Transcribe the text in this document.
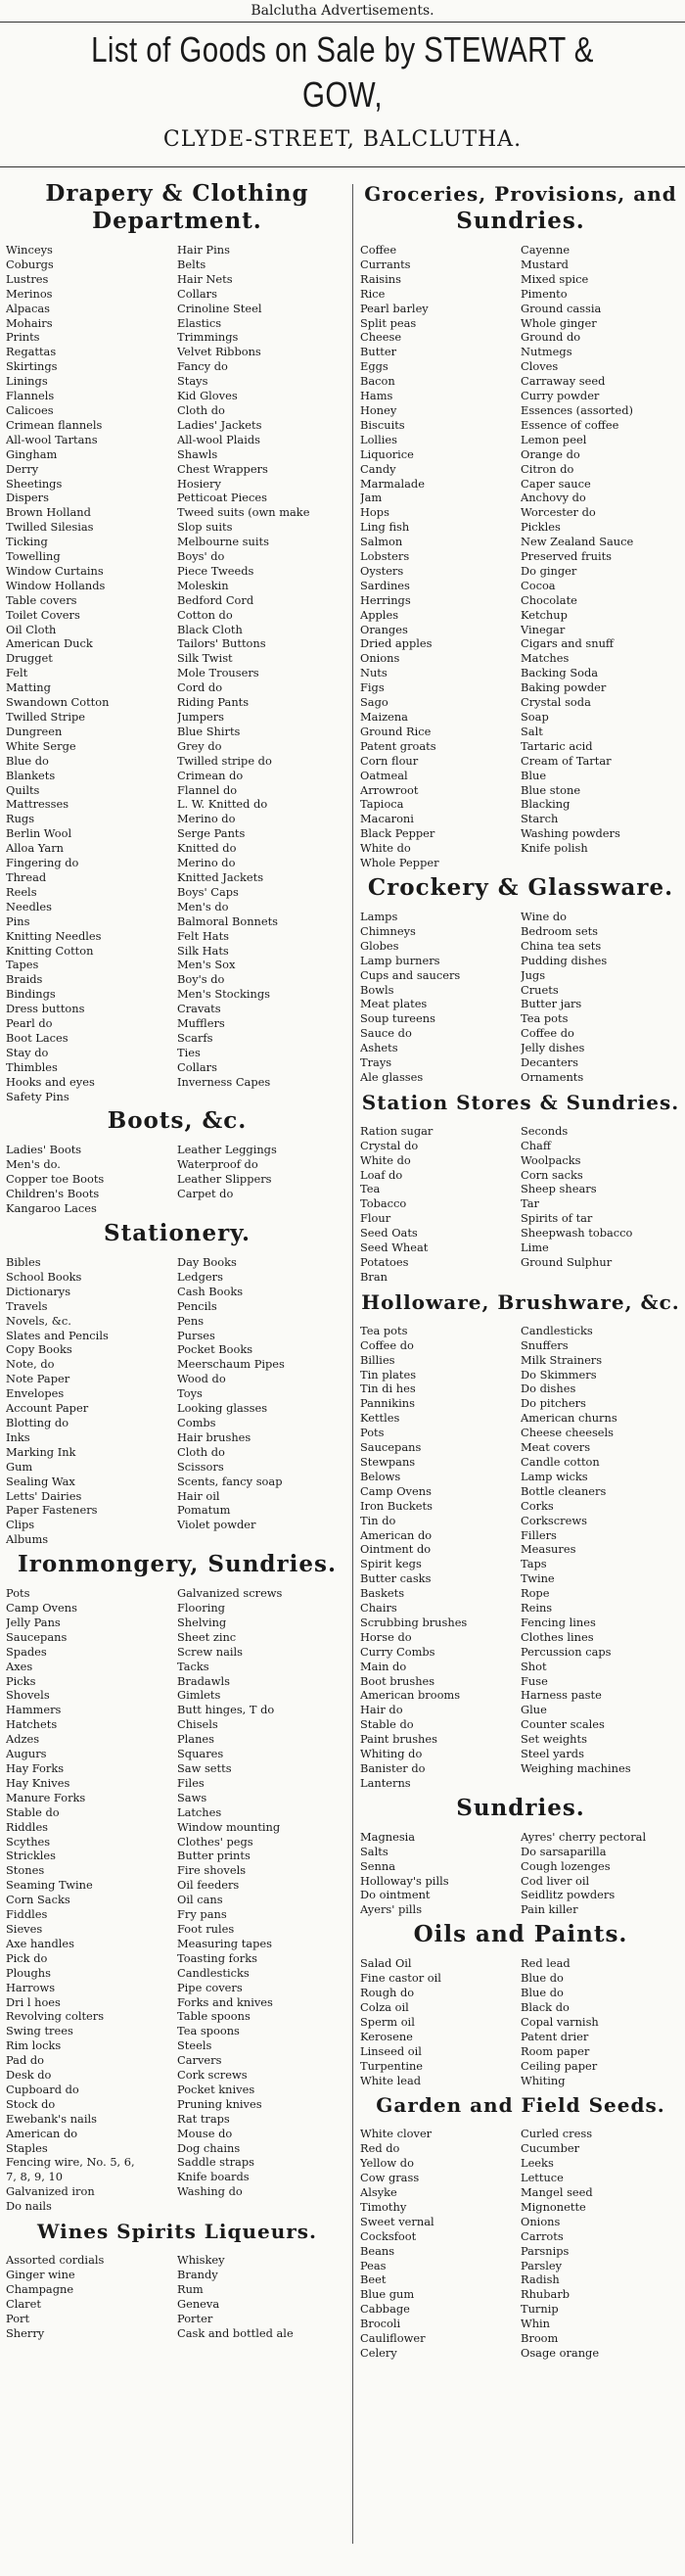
Balclutha Advertisements.
List of Goods on Sale by STEWART & GOW,
CLYDE-STREET, BALCLUTHA.
Drapery & Clothing
Department.
Winceys	Hair Pins
Coburgs	Belts
Lustres	Hair Nets
Merinos	Collars
Alpacas	Crinoline Steel
Mohairs	Elastics
Prints	Trimmings
Regattas	Velvet Ribbons
Skirtings	Fancy do
Linings	Stays
Flannels	Kid Gloves
Calicoes	Cloth do
Crimean flannels	Ladies' Jackets
All-wool Tartans	All-wool Plaids
Gingham	Shawls
Derry	Chest Wrappers
Sheetings	Hosiery
Dispers	Petticoat Pieces
Brown Holland	Tweed suits (own make
Twilled Silesias	Slop suits
Ticking	Melbourne suits
Towelling	Boys' do
Window Curtains	Piece Tweeds
Window Hollands	Moleskin
Table covers	Bedford Cord
Toilet Covers	Cotton do
Oil Cloth	Black Cloth
American Duck	Tailors' Buttons
Drugget	Silk Twist
Felt	Mole Trousers
Matting	Cord do
Swandown Cotton	Riding Pants
Twilled Stripe	Jumpers
Dungreen	Blue Shirts
White Serge	Grey do
Blue do	Twilled stripe do
Blankets	Crimean do
Quilts	Flannel do
Mattresses	L. W. Knitted do
Rugs	Merino do
Berlin Wool	Serge Pants
Alloa Yarn	Knitted do
Fingering do	Merino do
Thread	Knitted Jackets
Reels	Boys' Caps
Needles	Men's do
Pins	Balmoral Bonnets
Knitting Needles	Felt Hats
Knitting Cotton	Silk Hats
Tapes	Men's Sox
Braids	Boy's do
Bindings	Men's Stockings
Dress buttons	Cravats
Pearl do	Mufflers
Boot Laces	Scarfs
Stay do	Ties
Thimbles	Collars
Hooks and eyes	Inverness Capes
Safety Pins
Boots, &c.
Ladies' Boots	Leather Leggings
Men's do.	Waterproof do
Copper toe Boots	Leather Slippers
Children's Boots	Carpet do
Kangaroo Laces
Stationery.
Bibles	Day Books
School Books	Ledgers
Dictionarys	Cash Books
Travels	Pencils
Novels, &c.	Pens
Slates and Pencils	Purses
Copy Books	Pocket Books
Note, do	Meerschaum Pipes
Note Paper	Wood do
Envelopes	Toys
Account Paper	Looking glasses
Blotting do	Combs
Inks	Hair brushes
Marking Ink	Cloth do
Gum	Scissors
Sealing Wax	Scents, fancy soap
Letts' Dairies	Hair oil
Paper Fasteners	Pomatum
Clips	Violet powder
Albums
Ironmongery, Sundries.
Pots	Galvanized screws
Camp Ovens	Flooring
Jelly Pans	Shelving
Saucepans	Sheet zinc
Spades	Screw nails
Axes	Tacks
Picks	Bradawls
Shovels	Gimlets
Hammers	Butt hinges, T do
Hatchets	Chisels
Adzes	Planes
Augurs	Squares
Hay Forks	Saw setts
Hay Knives	Files
Manure Forks	Saws
Stable do	Latches
Riddles	Window mounting
Scythes	Clothes' pegs
Strickles	Butter prints
Stones	Fire shovels
Seaming Twine	Oil feeders
Corn Sacks	Oil cans
Fiddles	Fry pans
Sieves	Foot rules
Axe handles	Measuring tapes
Pick do	Toasting forks
Ploughs	Candlesticks
Harrows	Pipe covers
Dri l hoes	Forks and knives
Revolving colters	Table spoons
Swing trees	Tea spoons
Rim locks	Steels
Pad do	Carvers
Desk do	Cork screws
Cupboard do	Pocket knives
Stock do	Pruning knives
Ewebank's nails	Rat traps
American do	Mouse do
Staples	Dog chains
Fencing wire, No. 5, 6,	Saddle straps
7, 8, 9, 10	Knife boards
Galvanized iron	Washing do
Do nails
Wines Spirits Liqueurs.
Assorted cordials	Whiskey
Ginger wine	Brandy
Champagne	Rum
Claret	Geneva
Port	Porter
Sherry	Cask and bottled ale
Groceries, Provisions, and
Sundries.
Coffee	Cayenne
Currants	Mustard
Raisins	Mixed spice
Rice	Pimento
Pearl barley	Ground cassia
Split peas	Whole ginger
Cheese	Ground do
Butter	Nutmegs
Eggs	Cloves
Bacon	Carraway seed
Hams	Curry powder
Honey	Essences (assorted)
Biscuits	Essence of coffee
Lollies	Lemon peel
Liquorice	Orange do
Candy	Citron do
Marmalade	Caper sauce
Jam	Anchovy do
Hops	Worcester do
Ling fish	Pickles
Salmon	New Zealand Sauce
Lobsters	Preserved fruits
Oysters	Do ginger
Sardines	Cocoa
Herrings	Chocolate
Apples	Ketchup
Oranges	Vinegar
Dried apples	Cigars and snuff
Onions	Matches
Nuts	Backing Soda
Figs	Baking powder
Sago	Crystal soda
Maizena	Soap
Ground Rice	Salt
Patent groats	Tartaric acid
Corn flour	Cream of Tartar
Oatmeal	Blue
Arrowroot	Blue stone
Tapioca	Blacking
Macaroni	Starch
Black Pepper	Washing powders
White do	Knife polish
Whole Pepper
Crockery & Glassware.
Lamps	Wine do
Chimneys	Bedroom sets
Globes	China tea sets
Lamp burners	Pudding dishes
Cups and saucers	Jugs
Bowls	Cruets
Meat plates	Butter jars
Soup tureens	Tea pots
Sauce do	Coffee do
Ashets	Jelly dishes
Trays	Decanters
Ale glasses	Ornaments
Station Stores & Sundries.
Ration sugar	Seconds
Crystal do	Chaff
White do	Woolpacks
Loaf do	Corn sacks
Tea	Sheep shears
Tobacco	Tar
Flour	Spirits of tar
Seed Oats	Sheepwash tobacco
Seed Wheat	Lime
Potatoes	Ground Sulphur
Bran
Holloware, Brushware, &c.
Tea pots	Candlesticks
Coffee do	Snuffers
Billies	Milk Strainers
Tin plates	Do Skimmers
Tin di hes	Do dishes
Pannikins	Do pitchers
Kettles	American churns
Pots	Cheese cheesels
Saucepans	Meat covers
Stewpans	Candle cotton
Belows	Lamp wicks
Camp Ovens	Bottle cleaners
Iron Buckets	Corks
Tin do	Corkscrews
American do	Fillers
Ointment do	Measures
Spirit kegs	Taps
Butter casks	Twine
Baskets	Rope
Chairs	Reins
Scrubbing brushes	Fencing lines
Horse do	Clothes lines
Curry Combs	Percussion caps
Main do	Shot
Boot brushes	Fuse
American brooms	Harness paste
Hair do	Glue
Stable do	Counter scales
Paint brushes	Set weights
Whiting do	Steel yards
Banister do	Weighing machines
Lanterns
Sundries.
Magnesia	Ayres' cherry pectoral
Salts	Do sarsaparilla
Senna	Cough lozenges
Holloway's pills	Cod liver oil
Do ointment	Seidlitz powders
Ayers' pills	Pain killer
Oils and Paints.
Salad Oil	Red lead
Fine castor oil	Blue do
Rough do	Blue do
Colza oil	Black do
Sperm oil	Copal varnish
Kerosene	Patent drier
Linseed oil	Room paper
Turpentine	Ceiling paper
White lead	Whiting
Garden and Field Seeds.
White clover	Curled cress
Red do	Cucumber
Yellow do	Leeks
Cow grass	Lettuce
Alsyke	Mangel seed
Timothy	Mignonette
Sweet vernal	Onions
Cocksfoot	Carrots
Beans	Parsnips
Peas	Parsley
Beet	Radish
Blue gum	Rhubarb
Cabbage	Turnip
Brocoli	Whin
Cauliflower	Broom
Celery	Osage orange
